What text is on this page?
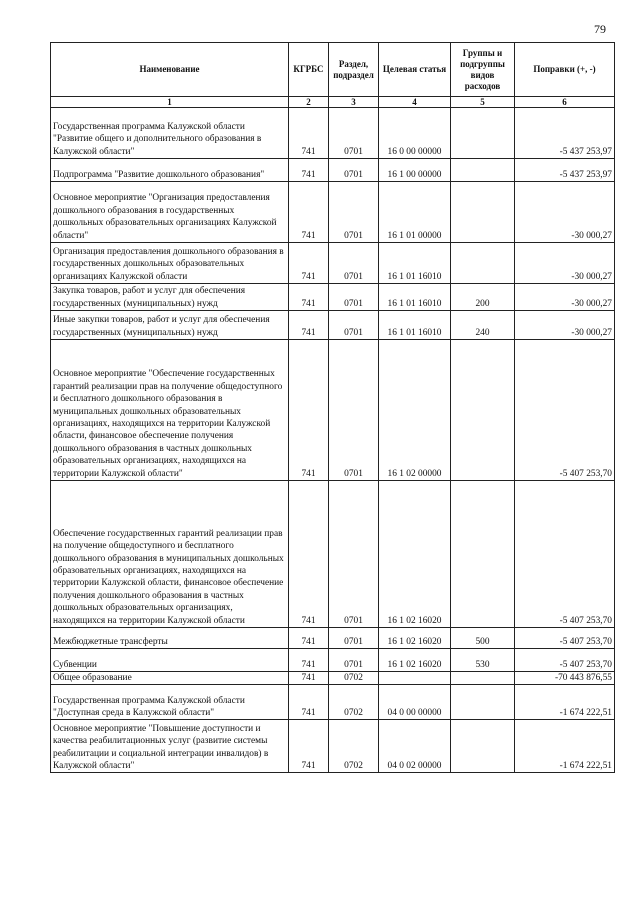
79
Наименование	КГРБС	Раздел, подраздел	Целевая статья	Группы и подгруппы видов расходов	Поправки (+, -)
1	2	3	4	5	6
Государственная программа Калужской области "Развитие общего и дополнительного образования в Калужской области"	741	0701	16 0 00 00000		-5 437 253,97
Подпрограмма "Развитие дошкольного образования"	741	0701	16 1 00 00000		-5 437 253,97
Основное мероприятие "Организация предоставления дошкольного образования в государственных дошкольных образовательных организациях Калужской области"	741	0701	16 1 01 00000		-30 000,27
Организация предоставления дошкольного образования в государственных дошкольных образовательных организациях Калужской области	741	0701	16 1 01 16010		-30 000,27
Закупка товаров, работ и услуг для обеспечения государственных (муниципальных) нужд	741	0701	16 1 01 16010	200	-30 000,27
Иные закупки товаров, работ и услуг для обеспечения государственных (муниципальных) нужд	741	0701	16 1 01 16010	240	-30 000,27
Основное мероприятие "Обеспечение государственных гарантий реализации прав на получение общедоступного и бесплатного дошкольного образования в муниципальных дошкольных образовательных организациях, находящихся на территории Калужской области, финансовое обеспечение получения дошкольного образования в частных дошкольных образовательных организациях, находящихся на территории Калужской области"	741	0701	16 1 02 00000		-5 407 253,70
Обеспечение государственных гарантий реализации прав на получение общедоступного и бесплатного дошкольного образования в муниципальных дошкольных образовательных организациях, находящихся на территории Калужской области, финансовое обеспечение получения дошкольного образования в частных дошкольных образовательных организациях, находящихся на территории Калужской области	741	0701	16 1 02 16020		-5 407 253,70
Межбюджетные трансферты	741	0701	16 1 02 16020	500	-5 407 253,70
Субвенции	741	0701	16 1 02 16020	530	-5 407 253,70
Общее образование	741	0702			-70 443 876,55
Государственная программа Калужской области "Доступная среда в Калужской области"	741	0702	04 0 00 00000		-1 674 222,51
Основное мероприятие "Повышение доступности и качества реабилитационных услуг (развитие системы реабилитации и социальной интеграции инвалидов) в Калужской области"	741	0702	04 0 02 00000		-1 674 222,51
